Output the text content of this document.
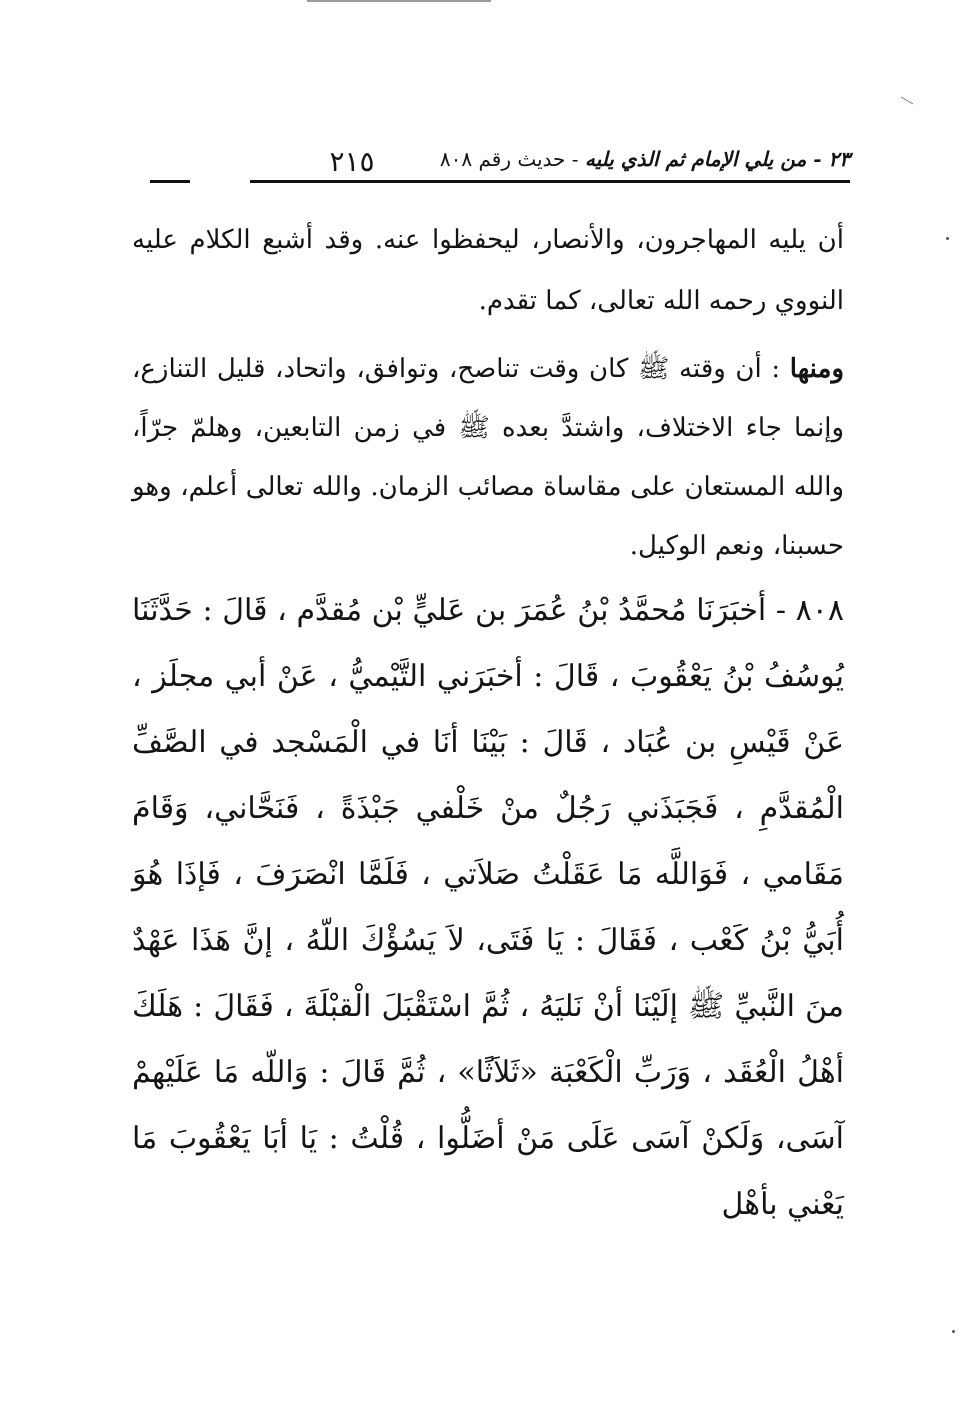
٢١٥	٢٣ - من يلي الإمام ثم الذي يليه - حديث رقم ٨٠٨
أن يليه المهاجرون، والأنصار، ليحفظوا عنه. وقد أشبع الكلام عليه النووي رحمه الله تعالى، كما تقدم.
ومنها : أن وقته ﷺ كان وقت تناصح، وتوافق، واتحاد، قليل التنازع، وإنما جاء الاختلاف، واشتدَّ بعده ﷺ في زمن التابعين، وهلمّ جرّاً، والله المستعان على مقاساة مصائب الزمان. والله تعالى أعلم، وهو حسبنا، ونعم الوكيل.
٨٠٨ - أخبَرَنَا مُحمَّدُ بْنُ عُمَرَ بن عَليٍّ بْن مُقدَّم ، قَالَ : حَدَّثَنَا يُوسُفُ بْنُ يَعْقُوبَ ، قَالَ : أخبَرَني التَّيْميُّ ، عَنْ أبي مجلَز ، عَنْ قَيْسِ بن عُبَاد ، قَالَ : بَيْنَا أنَا في الْمَسْجد في الصَّفِّ الْمُقدَّمِ ، فَجَبَذَني رَجُلٌ منْ خَلْفي جَبْذَةً ، فَنَحَّاني، وَقَامَ مَقَامي ، فَوَاللَّه مَا عَقَلْتُ صَلاَتي ، فَلَمَّا انْصَرَفَ ، فَإذَا هُوَ أُبَيُّ بْنُ كَعْب ، فَقَالَ : يَا فَتَى، لاَ يَسُؤْكَ اللّهُ ، إنَّ هَذَا عَهْدٌ منَ النَّبيِّ ﷺ إلَيْنَا أنْ نَليَهُ ، ثُمَّ اسْتَقْبَلَ الْقبْلَةَ ، فَقَالَ : هَلَكَ أهْلُ الْعُقَد ، وَرَبِّ الْكَعْبَة «ثَلاَثًا» ، ثُمَّ قَالَ : وَاللّه مَا عَلَيْهمْ آسَى، وَلَكنْ آسَى عَلَى مَنْ أضَلُّوا ، قُلْتُ : يَا أبَا يَعْقُوبَ مَا يَعْني بأهْل
